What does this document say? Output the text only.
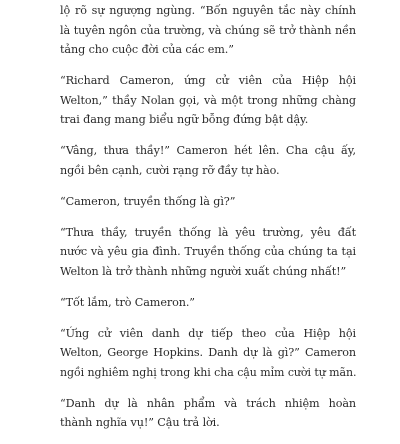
lộ rõ sự ngượng ngùng. “Bốn nguyên tắc này chính
là tuyên ngôn của trường, và chúng sẽ trở thành nền
tảng cho cuộc đời của các em.”

“Richard Cameron, ứng cử viên của Hiệp hội
Welton,” thầy Nolan gọi, và một trong những chàng
trai đang mang biểu ngữ bỗng đứng bật dậy.

“Vâng, thưa thầy!” Cameron hét lên. Cha cậu ấy,
ngồi bên cạnh, cười rạng rỡ đầy tự hào.

“Cameron, truyền thống là gì?”

“Thưa thầy, truyền thống là yêu trường, yêu đất
nước và yêu gia đình. Truyền thống của chúng ta tại
Welton là trở thành những người xuất chúng nhất!”

“Tốt lắm, trò Cameron.”

“Ứng cử viên danh dự tiếp theo của Hiệp hội
Welton, George Hopkins. Danh dự là gì?” Cameron
ngồi nghiêm nghị trong khi cha cậu mỉm cười tự mãn.

“Danh dự là nhân phẩm và trách nhiệm hoàn
thành nghĩa vụ!” Cậu trả lời.
